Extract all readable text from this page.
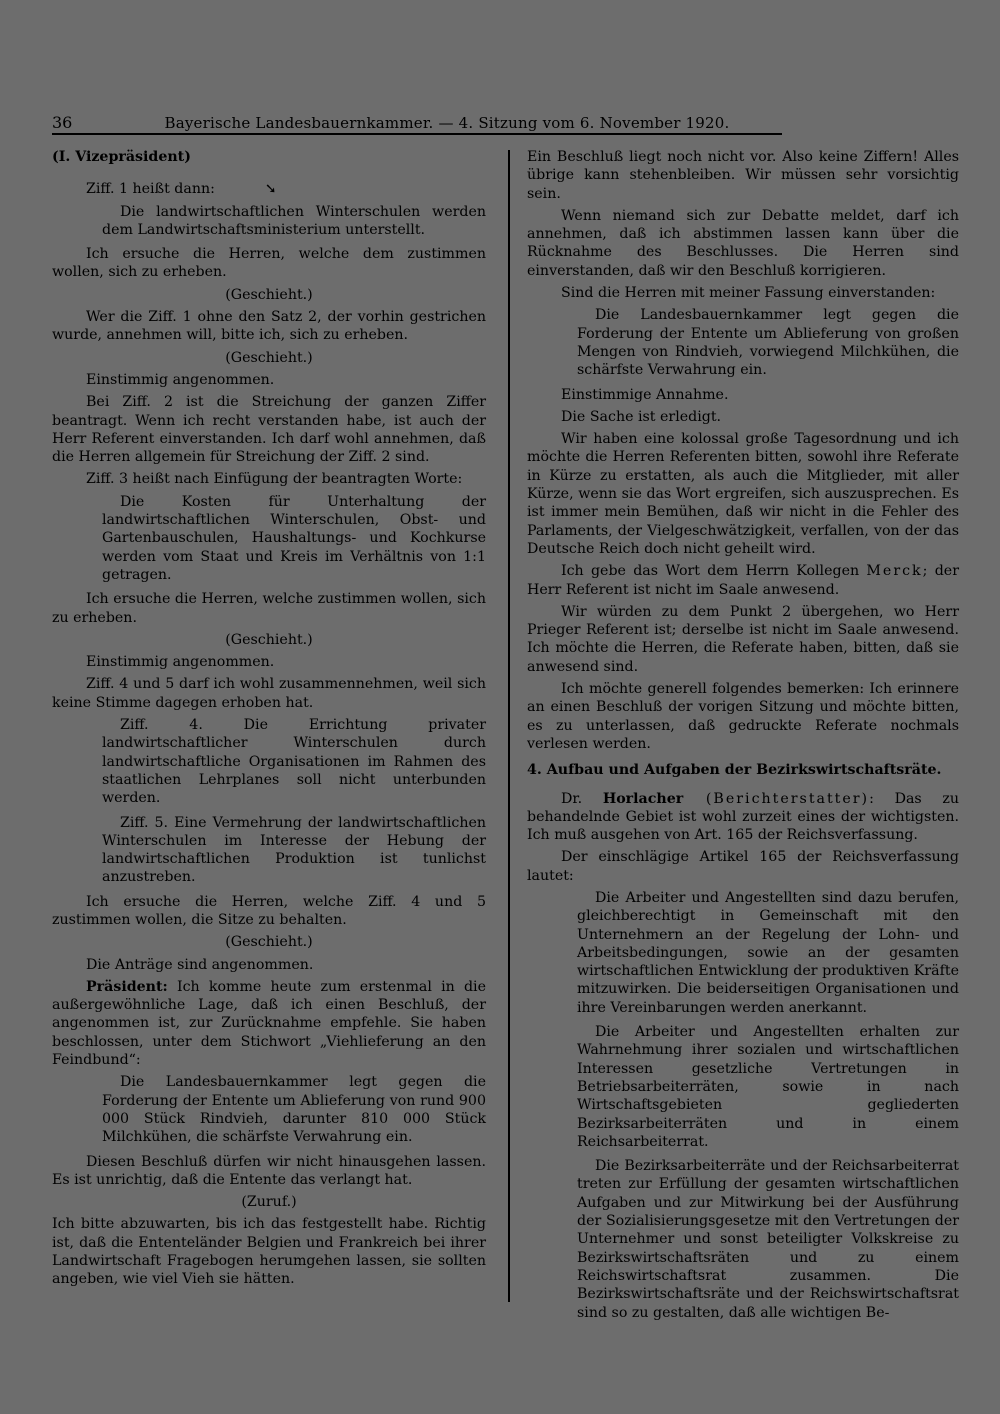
36	Bayerische Landesbauernkammer. — 4. Sitzung vom 6. November 1920.

(I. Vizepräsident)

Ziff. 1 heißt dann:	➘

Die landwirtschaftlichen Winterschulen werden dem Landwirtschaftsministerium unterstellt.

Ich ersuche die Herren, welche dem zustimmen wollen, sich zu erheben.

(Geschieht.)

Wer die Ziff. 1 ohne den Satz 2, der vorhin gestrichen wurde, annehmen will, bitte ich, sich zu erheben.

(Geschieht.)

Einstimmig angenommen.

Bei Ziff. 2 ist die Streichung der ganzen Ziffer beantragt. Wenn ich recht verstanden habe, ist auch der Herr Referent einverstanden. Ich darf wohl annehmen, daß die Herren allgemein für Streichung der Ziff. 2 sind.

Ziff. 3 heißt nach Einfügung der beantragten Worte:

Die Kosten für Unterhaltung der landwirtschaftlichen Winterschulen, Obst- und Gartenbauschulen, Haushaltungs- und Kochkurse werden vom Staat und Kreis im Verhältnis von 1:1 getragen.

Ich ersuche die Herren, welche zustimmen wollen, sich zu erheben.

(Geschieht.)

Einstimmig angenommen.

Ziff. 4 und 5 darf ich wohl zusammennehmen, weil sich keine Stimme dagegen erhoben hat.

Ziff. 4. Die Errichtung privater landwirtschaftlicher Winterschulen durch landwirtschaftliche Organisationen im Rahmen des staatlichen Lehrplanes soll nicht unterbunden werden.

Ziff. 5. Eine Vermehrung der landwirtschaftlichen Winterschulen im Interesse der Hebung der landwirtschaftlichen Produktion ist tunlichst anzustreben.

Ich ersuche die Herren, welche Ziff. 4 und 5 zustimmen wollen, die Sitze zu behalten.

(Geschieht.)

Die Anträge sind angenommen.

Präsident: Ich komme heute zum erstenmal in die außergewöhnliche Lage, daß ich einen Beschluß, der angenommen ist, zur Zurücknahme empfehle. Sie haben beschlossen, unter dem Stichwort „Viehlieferung an den Feindbund“:

Die Landesbauernkammer legt gegen die Forderung der Entente um Ablieferung von rund 900 000 Stück Rindvieh, darunter 810 000 Stück Milchkühen, die schärfste Verwahrung ein.

Diesen Beschluß dürfen wir nicht hinausgehen lassen. Es ist unrichtig, daß die Entente das verlangt hat.

(Zuruf.)

Ich bitte abzuwarten, bis ich das festgestellt habe. Richtig ist, daß die Ententeländer Belgien und Frankreich bei ihrer Landwirtschaft Fragebogen herumgehen lassen, sie sollten angeben, wie viel Vieh sie hätten.

Ein Beschluß liegt noch nicht vor. Also keine Ziffern! Alles übrige kann stehenbleiben. Wir müssen sehr vorsichtig sein.

Wenn niemand sich zur Debatte meldet, darf ich annehmen, daß ich abstimmen lassen kann über die Rücknahme des Beschlusses. Die Herren sind einverstanden, daß wir den Beschluß korrigieren.

Sind die Herren mit meiner Fassung einverstanden:

Die Landesbauernkammer legt gegen die Forderung der Entente um Ablieferung von großen Mengen von Rindvieh, vorwiegend Milchkühen, die schärfste Verwahrung ein.

Einstimmige Annahme.

Die Sache ist erledigt.

Wir haben eine kolossal große Tagesordnung und ich möchte die Herren Referenten bitten, sowohl ihre Referate in Kürze zu erstatten, als auch die Mitglieder, mit aller Kürze, wenn sie das Wort ergreifen, sich auszusprechen. Es ist immer mein Bemühen, daß wir nicht in die Fehler des Parlaments, der Vielgeschwätzigkeit, verfallen, von der das Deutsche Reich doch nicht geheilt wird.

Ich gebe das Wort dem Herrn Kollegen Merck; der Herr Referent ist nicht im Saale anwesend.

Wir würden zu dem Punkt 2 übergehen, wo Herr Prieger Referent ist; derselbe ist nicht im Saale anwesend. Ich möchte die Herren, die Referate haben, bitten, daß sie anwesend sind.

Ich möchte generell folgendes bemerken: Ich erinnere an einen Beschluß der vorigen Sitzung und möchte bitten, es zu unterlassen, daß gedruckte Referate nochmals verlesen werden.

4. Aufbau und Aufgaben der Bezirkswirtschaftsräte.

Dr. Horlacher (Berichterstatter): Das zu behandelnde Gebiet ist wohl zurzeit eines der wichtigsten. Ich muß ausgehen von Art. 165 der Reichsverfassung.

Der einschlägige Artikel 165 der Reichsverfassung lautet:

Die Arbeiter und Angestellten sind dazu berufen, gleichberechtigt in Gemeinschaft mit den Unternehmern an der Regelung der Lohn- und Arbeitsbedingungen, sowie an der gesamten wirtschaftlichen Entwicklung der produktiven Kräfte mitzuwirken. Die beiderseitigen Organisationen und ihre Vereinbarungen werden anerkannt.

Die Arbeiter und Angestellten erhalten zur Wahrnehmung ihrer sozialen und wirtschaftlichen Interessen gesetzliche Vertretungen in Betriebsarbeiterräten, sowie in nach Wirtschaftsgebieten gegliederten Bezirksarbeiterräten und in einem Reichsarbeiterrat.

Die Bezirksarbeiterräte und der Reichsarbeiterrat treten zur Erfüllung der gesamten wirtschaftlichen Aufgaben und zur Mitwirkung bei der Ausführung der Sozialisierungsgesetze mit den Vertretungen der Unternehmer und sonst beteiligter Volkskreise zu Bezirkswirtschaftsräten und zu einem Reichswirtschaftsrat zusammen. Die Bezirkswirtschaftsräte und der Reichswirtschaftsrat sind so zu gestalten, daß alle wichtigen Be-
